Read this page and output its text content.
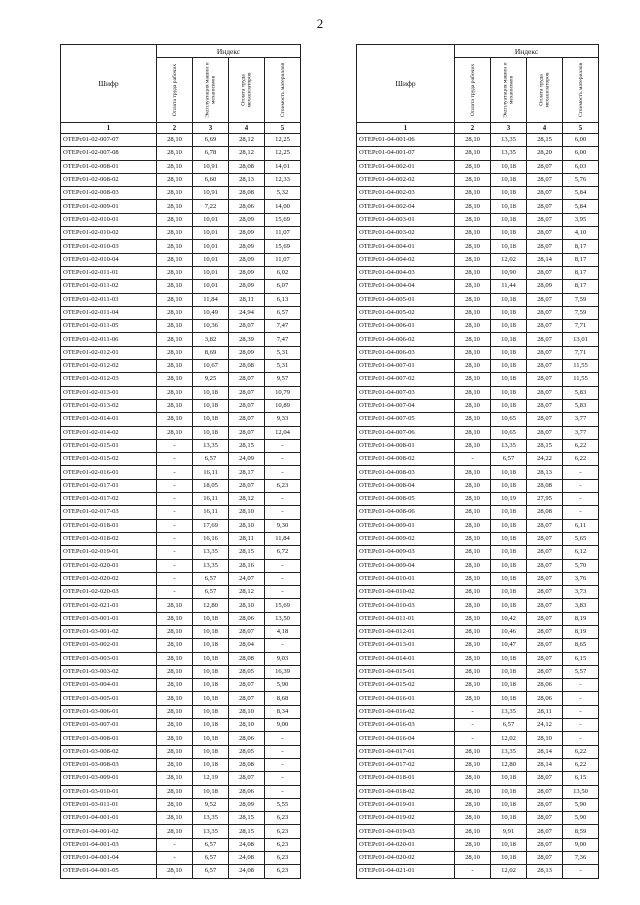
2
Шифр	Индекс			

	Оплата труда рабочих	Эксплуатация машин и механизмов	Оплата труда механизаторов	Стоимость материалов

1	2	3	4	5
ОТЕРс01-02-007-07	28,10	6,69	28,12	12,25
ОТЕРс01-02-007-08	28,10	6,78	28,12	12,25
ОТЕРс01-02-008-01	28,10	10,91	28,08	14,01
ОТЕРс01-02-008-02	28,10	6,60	28,13	12,33
ОТЕРс01-02-008-03	28,10	10,91	28,08	5,32
ОТЕРс01-02-009-01	28,10	7,22	28,06	14,00
ОТЕРс01-02-010-01	28,10	10,01	28,09	15,69
ОТЕРс01-02-010-02	28,10	10,01	28,09	11,07
ОТЕРс01-02-010-03	28,10	10,01	28,09	15,69
ОТЕРс01-02-010-04	28,10	10,01	28,09	11,07
ОТЕРс01-02-011-01	28,10	10,01	28,09	6,02
ОТЕРс01-02-011-02	28,10	10,01	28,09	6,07
ОТЕРс01-02-011-03	28,10	11,84	28,11	6,13
ОТЕРс01-02-011-04	28,10	10,49	24,94	6,57
ОТЕРс01-02-011-05	28,10	10,36	28,07	7,47
ОТЕРс01-02-011-06	28,10	3,82	28,39	7,47
ОТЕРс01-02-012-01	28,10	8,69	28,09	5,31
ОТЕРс01-02-012-02	28,10	10,67	28,08	5,31
ОТЕРс01-02-012-03	28,10	9,25	28,07	9,57
ОТЕРс01-02-013-01	28,10	10,18	28,07	10,79
ОТЕРс01-02-013-02	28,10	10,18	28,07	10,89
ОТЕРс01-02-014-01	28,10	10,18	28,07	9,33
ОТЕРс01-02-014-02	28,10	10,18	28,07	12,04
ОТЕРс01-02-015-01	-	13,35	28,15	-
ОТЕРс01-02-015-02	-	6,57	24,09	-
ОТЕРс01-02-016-01	-	16,11	28,17	-
ОТЕРс01-02-017-01	-	18,05	28,07	6,23
ОТЕРс01-02-017-02	-	16,11	28,12	-
ОТЕРс01-02-017-03	-	16,11	28,10	-
ОТЕРс01-02-018-01	-	17,69	28,10	9,30
ОТЕРс01-02-018-02	-	16,16	28,11	11,84
ОТЕРс01-02-019-01	-	13,35	28,15	6,72
ОТЕРс01-02-020-01	-	13,35	28,16	-
ОТЕРс01-02-020-02	-	6,57	24,07	-
ОТЕРс01-02-020-03	-	6,57	28,12	-
ОТЕРс01-02-021-01	28,10	12,80	28,10	15,69
ОТЕРс01-03-001-01	28,10	10,18	28,06	13,50
ОТЕРс01-03-001-02	28,10	10,18	28,07	4,18
ОТЕРс01-03-002-01	28,10	10,18	28,04	-
ОТЕРс01-03-003-01	28,10	10,18	28,08	9,03
ОТЕРс01-03-003-02	28,10	10,18	28,05	16,39
ОТЕРс01-03-004-01	28,10	10,18	28,07	5,90
ОТЕРс01-03-005-01	28,10	10,18	28,07	8,68
ОТЕРс01-03-006-01	28,10	10,18	28,10	8,34
ОТЕРс01-03-007-01	28,10	10,18	28,10	9,00
ОТЕРс01-03-008-01	28,10	10,18	28,06	-
ОТЕРс01-03-008-02	28,10	10,18	28,05	-
ОТЕРс01-03-008-03	28,10	10,18	28,08	-
ОТЕРс01-03-009-01	28,10	12,19	28,07	-
ОТЕРс01-03-010-01	28,10	10,18	28,06	-
ОТЕРс01-03-011-01	28,10	9,52	28,09	5,55
ОТЕРс01-04-001-01	28,10	13,35	28,15	6,23
ОТЕРс01-04-001-02	28,10	13,35	28,15	6,23
ОТЕРс01-04-001-03	-	6,57	24,08	6,23
ОТЕРс01-04-001-04	-	6,57	24,08	6,23
ОТЕРс01-04-001-05	28,10	6,57	24,08	6,23
Шифр	Индекс			

	Оплата труда рабочих	Эксплуатация машин и механизмов	Оплата труда механизаторов	Стоимость материалов

1	2	3	4	5
ОТЕРс01-04-001-06	28,10	13,35	28,15	6,00
ОТЕРс01-04-001-07	28,10	13,35	28,20	6,00
ОТЕРс01-04-002-01	28,10	10,18	28,07	6,03
ОТЕРс01-04-002-02	28,10	10,18	28,07	5,76
ОТЕРс01-04-002-03	28,10	10,18	28,07	5,84
ОТЕРс01-04-002-04	28,10	10,18	28,07	5,84
ОТЕРс01-04-003-01	28,10	10,18	28,07	3,95
ОТЕРс01-04-003-02	28,10	10,18	28,07	4,10
ОТЕРс01-04-004-01	28,10	10,18	28,07	8,17
ОТЕРс01-04-004-02	28,10	12,02	28,14	8,17
ОТЕРс01-04-004-03	28,10	10,90	28,07	8,17
ОТЕРс01-04-004-04	28,10	11,44	28,09	8,17
ОТЕРс01-04-005-01	28,10	10,18	28,07	7,59
ОТЕРс01-04-005-02	28,10	10,18	28,07	7,59
ОТЕРс01-04-006-01	28,10	10,18	28,07	7,71
ОТЕРс01-04-006-02	28,10	10,18	28,07	13,01
ОТЕРс01-04-006-03	28,10	10,18	28,07	7,71
ОТЕРс01-04-007-01	28,10	10,18	28,07	11,55
ОТЕРс01-04-007-02	28,10	10,18	28,07	11,55
ОТЕРс01-04-007-03	28,10	10,18	28,07	5,83
ОТЕРс01-04-007-04	28,10	10,18	28,07	5,83
ОТЕРс01-04-007-05	28,10	10,65	28,07	3,77
ОТЕРс01-04-007-06	28,10	10,65	28,07	3,77
ОТЕРс01-04-008-01	28,10	13,35	28,15	6,22
ОТЕРс01-04-008-02	-	6,57	24,22	6,22
ОТЕРс01-04-008-03	28,10	10,18	28,13	-
ОТЕРс01-04-008-04	28,10	10,18	28,08	-
ОТЕРс01-04-008-05	28,10	10,19	27,95	-
ОТЕРс01-04-008-06	28,10	10,18	28,08	-
ОТЕРс01-04-009-01	28,10	10,18	28,07	6,11
ОТЕРс01-04-009-02	28,10	10,18	28,07	5,65
ОТЕРс01-04-009-03	28,10	10,18	28,07	6,12
ОТЕРс01-04-009-04	28,10	10,18	28,07	5,70
ОТЕРс01-04-010-01	28,10	10,18	28,07	3,76
ОТЕРс01-04-010-02	28,10	10,18	28,07	3,73
ОТЕРс01-04-010-03	28,10	10,18	28,07	3,83
ОТЕРс01-04-011-01	28,10	10,42	28,07	8,19
ОТЕРс01-04-012-01	28,10	10,46	28,07	8,19
ОТЕРс01-04-013-01	28,10	10,47	28,07	8,65
ОТЕРс01-04-014-01	28,10	10,18	28,07	6,15
ОТЕРс01-04-015-01	28,10	10,18	28,07	5,57
ОТЕРс01-04-015-02	28,10	10,18	28,06	-
ОТЕРс01-04-016-01	28,10	10,18	28,06	-
ОТЕРс01-04-016-02	-	13,35	28,11	-
ОТЕРс01-04-016-03	-	6,57	24,12	-
ОТЕРс01-04-016-04	-	12,02	28,10	-
ОТЕРс01-04-017-01	28,10	13,35	28,14	6,22
ОТЕРс01-04-017-02	28,10	12,80	28,14	6,22
ОТЕРс01-04-018-01	28,10	10,18	28,07	6,15
ОТЕРс01-04-018-02	28,10	10,18	28,07	13,50
ОТЕРс01-04-019-01	28,10	10,18	28,07	5,90
ОТЕРс01-04-019-02	28,10	10,18	28,07	5,90
ОТЕРс01-04-019-03	28,10	9,91	28,07	8,59
ОТЕРс01-04-020-01	28,10	10,18	28,07	9,00
ОТЕРс01-04-020-02	28,10	10,18	28,07	7,36
ОТЕРс01-04-021-01	-	12,02	28,13	-
